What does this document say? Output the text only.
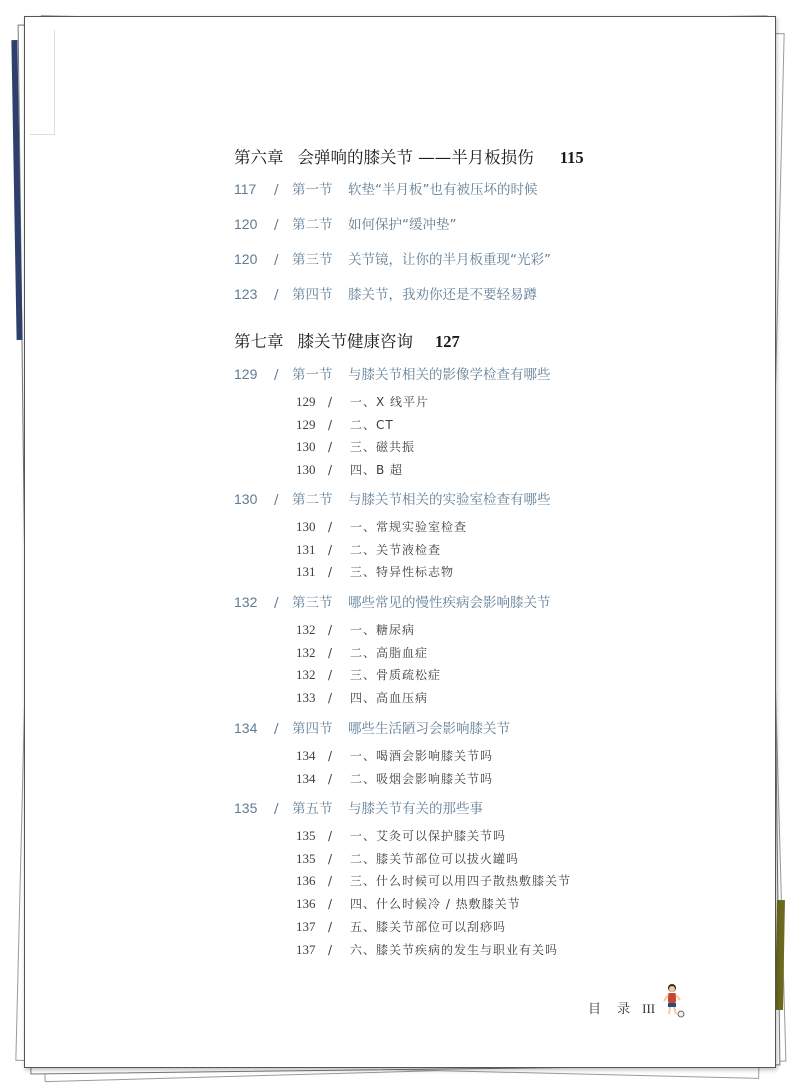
第六章 会弹响的膝关节 ——半月板损伤 115
117 / 第一节 软垫“半月板”也有被压坏的时候
120 / 第二节 如何保护“缓冲垫”
120 / 第三节 关节镜，让你的半月板重现“光彩”
123 / 第四节 膝关节，我劝你还是不要轻易蹲
第七章 膝关节健康咨询 127
129 / 第一节 与膝关节相关的影像学检查有哪些
129 / 一、X 线平片
129 / 二、CT
130 / 三、磁共振
130 / 四、B 超
130 / 第二节 与膝关节相关的实验室检查有哪些
130 / 一、常规实验室检查
131 / 二、关节液检查
131 / 三、特异性标志物
132 / 第三节 哪些常见的慢性疾病会影响膝关节
132 / 一、糖尿病
132 / 二、高脂血症
132 / 三、骨质疏松症
133 / 四、高血压病
134 / 第四节 哪些生活陋习会影响膝关节
134 / 一、喝酒会影响膝关节吗
134 / 二、吸烟会影响膝关节吗
135 / 第五节 与膝关节有关的那些事
135 / 一、艾灸可以保护膝关节吗
135 / 二、膝关节部位可以拔火罐吗
136 / 三、什么时候可以用四子散热敷膝关节
136 / 四、什么时候冷 / 热敷膝关节
137 / 五、膝关节部位可以刮痧吗
137 / 六、膝关节疾病的发生与职业有关吗
目 录 III
